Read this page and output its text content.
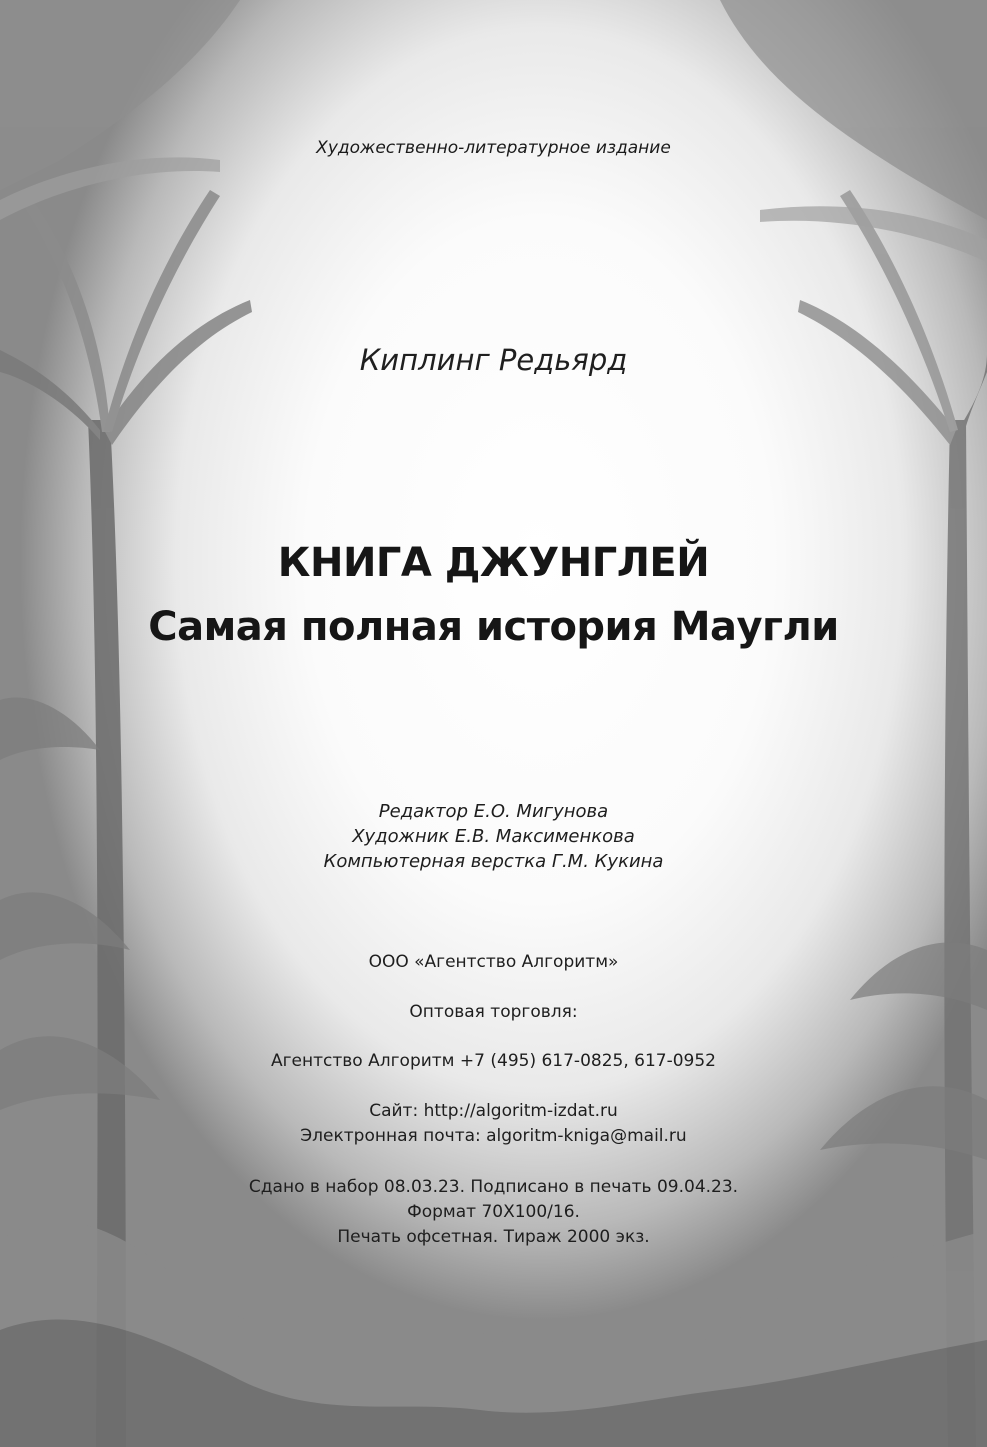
Художественно-литературное издание
Киплинг Редьярд
КНИГА ДЖУНГЛЕЙ
Самая полная история Маугли
Редактор Е.О. Мигунова
Художник Е.В. Максименкова
Компьютерная верстка Г.М. Кукина
ООО «Агентство Алгоритм»
Оптовая торговля:
Агентство Алгоритм +7 (495) 617-0825, 617-0952
Сайт: http://algoritm-izdat.ru
Электронная почта: algoritm-kniga@mail.ru
Сдано в набор 08.03.23. Подписано в печать 09.04.23.
Формат 70Х100/16.
Печать офсетная. Тираж 2000 экз.
